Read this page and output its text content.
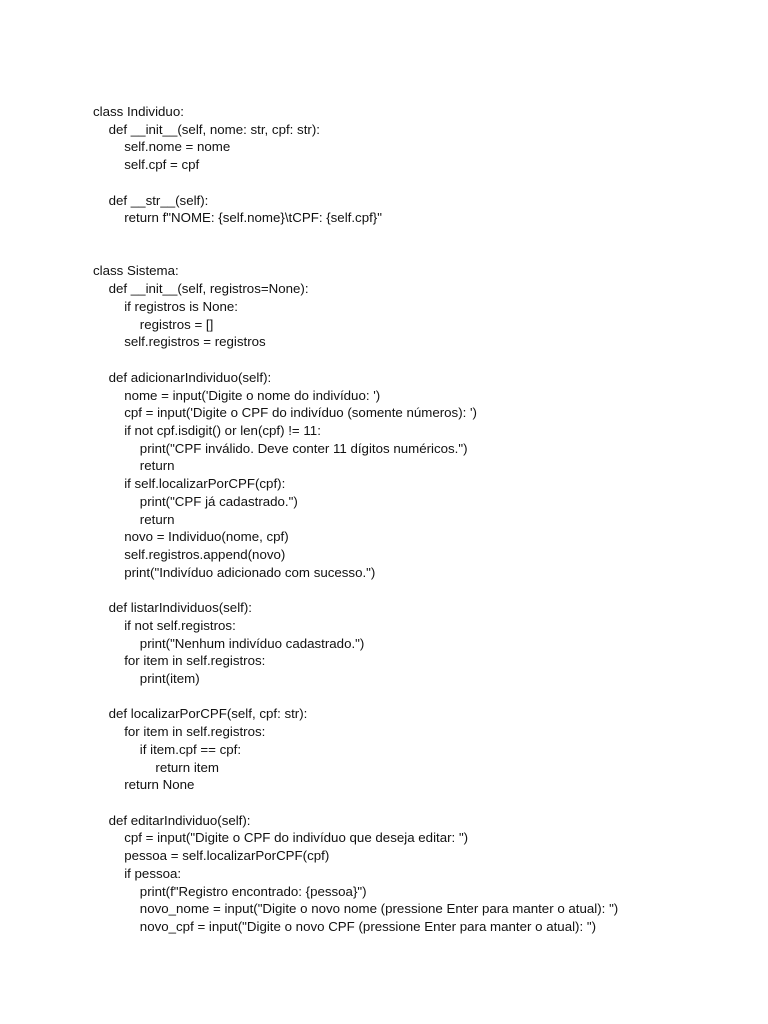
class Individuo:
def __init__(self, nome: str, cpf: str):
self.nome = nome
self.cpf = cpf
def __str__(self):
return f"NOME: {self.nome}\tCPF: {self.cpf}"
class Sistema:
def __init__(self, registros=None):
if registros is None:
registros = []
self.registros = registros
def adicionarIndividuo(self):
nome = input('Digite o nome do indivíduo: ')
cpf = input('Digite o CPF do indivíduo (somente números): ')
if not cpf.isdigit() or len(cpf) != 11:
print("CPF inválido. Deve conter 11 dígitos numéricos.")
return
if self.localizarPorCPF(cpf):
print("CPF já cadastrado.")
return
novo = Individuo(nome, cpf)
self.registros.append(novo)
print("Indivíduo adicionado com sucesso.")
def listarIndividuos(self):
if not self.registros:
print("Nenhum indivíduo cadastrado.")
for item in self.registros:
print(item)
def localizarPorCPF(self, cpf: str):
for item in self.registros:
if item.cpf == cpf:
return item
return None
def editarIndividuo(self):
cpf = input("Digite o CPF do indivíduo que deseja editar: ")
pessoa = self.localizarPorCPF(cpf)
if pessoa:
print(f"Registro encontrado: {pessoa}")
novo_nome = input("Digite o novo nome (pressione Enter para manter o atual): ")
novo_cpf = input("Digite o novo CPF (pressione Enter para manter o atual): ")
